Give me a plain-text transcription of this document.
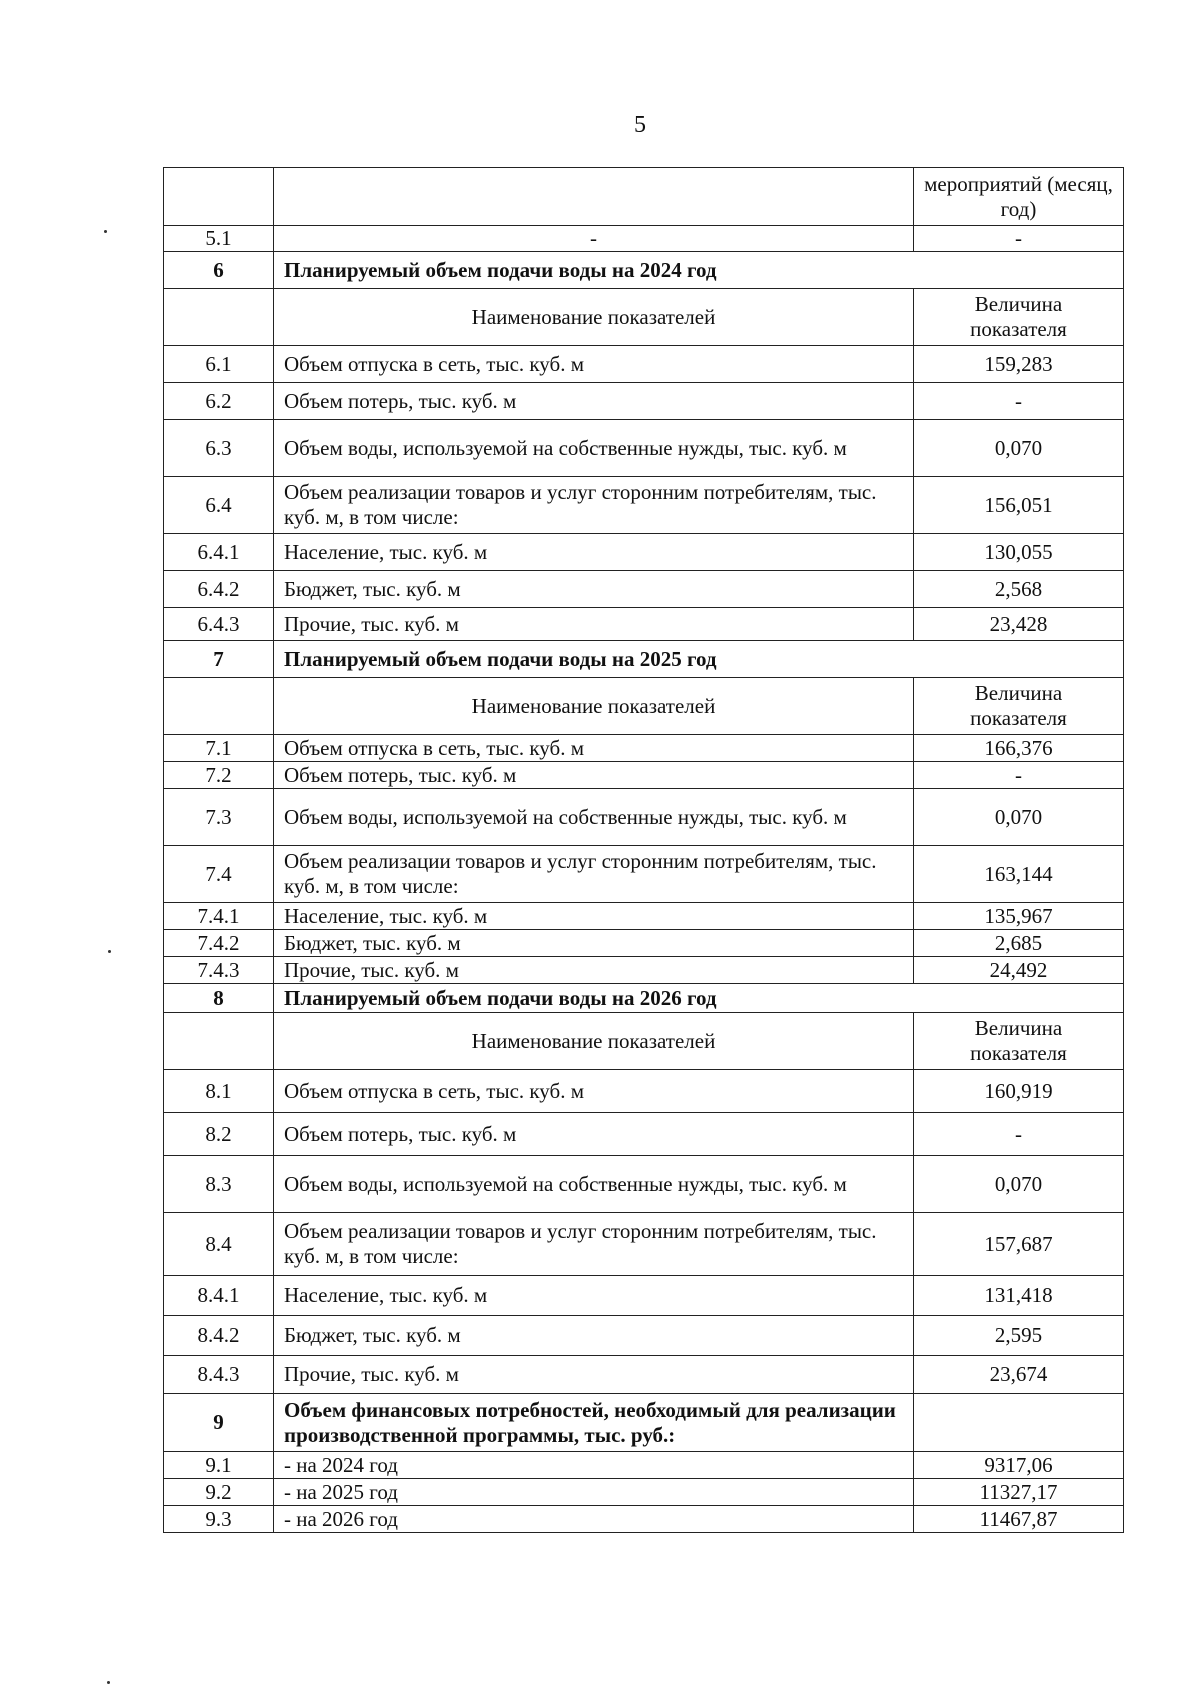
5
		мероприятий (месяц, год)
5.1	-	-
6	Планируемый объем подачи воды на 2024 год	
	Наименование показателей	Величина показателя
6.1	Объем отпуска в сеть, тыс. куб. м	159,283
6.2	Объем потерь, тыс. куб. м	-
6.3	Объем воды, используемой на собственные нужды, тыс. куб. м	0,070
6.4	Объем реализации товаров и услуг сторонним потребителям, тыс. куб. м, в том числе:	156,051
6.4.1	Население, тыс. куб. м	130,055
6.4.2	Бюджет, тыс. куб. м	2,568
6.4.3	Прочие, тыс. куб. м	23,428
7	Планируемый объем подачи воды на 2025 год	
	Наименование показателей	Величина показателя
7.1	Объем отпуска в сеть, тыс. куб. м	166,376
7.2	Объем потерь, тыс. куб. м	-
7.3	Объем воды, используемой на собственные нужды, тыс. куб. м	0,070
7.4	Объем реализации товаров и услуг сторонним потребителям, тыс. куб. м, в том числе:	163,144
7.4.1	Население, тыс. куб. м	135,967
7.4.2	Бюджет, тыс. куб. м	2,685
7.4.3	Прочие, тыс. куб. м	24,492
8	Планируемый объем подачи воды на 2026 год	
	Наименование показателей	Величина показателя
8.1	Объем отпуска в сеть, тыс. куб. м	160,919
8.2	Объем потерь, тыс. куб. м	-
8.3	Объем воды, используемой на собственные нужды, тыс. куб. м	0,070
8.4	Объем реализации товаров и услуг сторонним потребителям, тыс. куб. м, в том числе:	157,687
8.4.1	Население, тыс. куб. м	131,418
8.4.2	Бюджет, тыс. куб. м	2,595
8.4.3	Прочие, тыс. куб. м	23,674
9	Объем финансовых потребностей, необходимый для реализации производственной программы, тыс. руб.:	
9.1	- на 2024 год	9317,06
9.2	- на 2025 год	11327,17
9.3	- на 2026 год	11467,87
